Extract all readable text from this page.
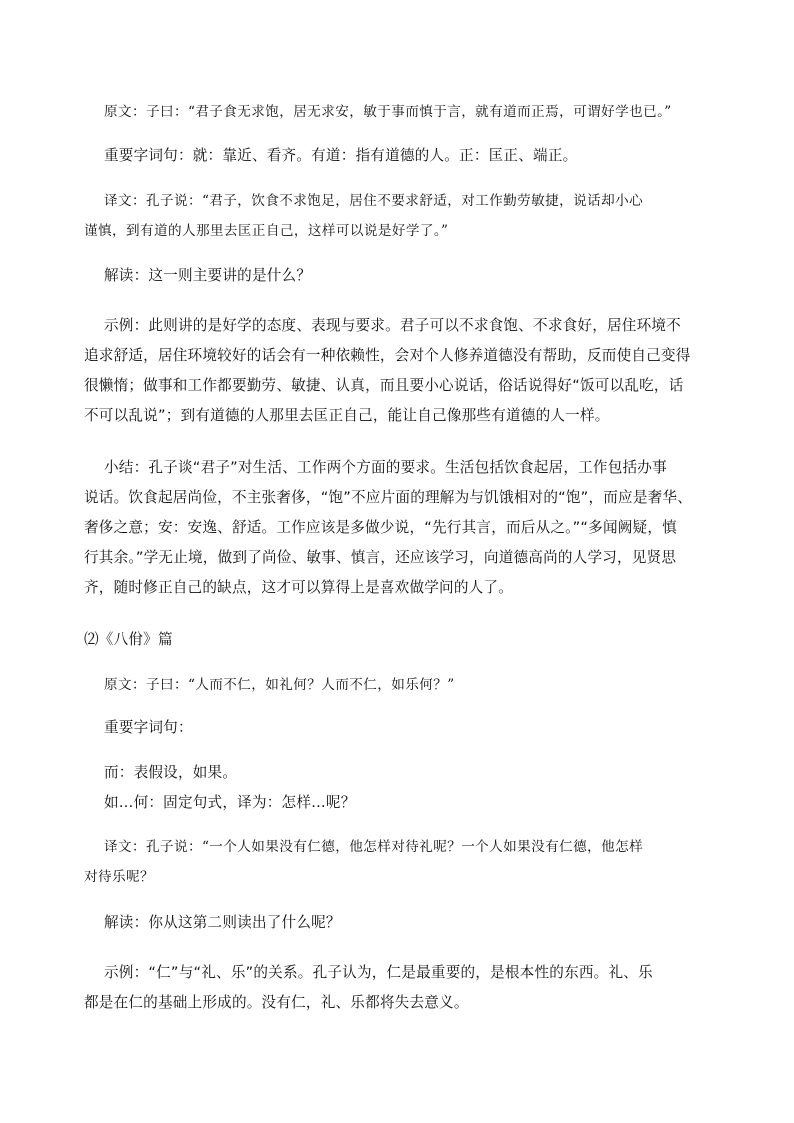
原文：子曰：“君子食无求饱，居无求安，敏于事而慎于言，就有道而正焉，可谓好学也已。”
重要字词句：就：靠近、看齐。有道：指有道德的人。正：匡正、端正。
译文：孔子说：“君子，饮食不求饱足，居住不要求舒适，对工作勤劳敏捷，说话却小心
谨慎，到有道的人那里去匡正自己，这样可以说是好学了。”
解读：这一则主要讲的是什么？
示例：此则讲的是好学的态度、表现与要求。君子可以不求食饱、不求食好，居住环境不
追求舒适，居住环境较好的话会有一种依赖性，会对个人修养道德没有帮助，反而使自己变得
很懒惰；做事和工作都要勤劳、敏捷、认真，而且要小心说话，俗话说得好“饭可以乱吃，话
不可以乱说”；到有道德的人那里去匡正自己，能让自己像那些有道德的人一样。
小结：孔子谈“君子”对生活、工作两个方面的要求。生活包括饮食起居，工作包括办事
说话。饮食起居尚俭，不主张奢侈，“饱”不应片面的理解为与饥饿相对的“饱”，而应是奢华、
奢侈之意；安：安逸、舒适。工作应该是多做少说，“先行其言，而后从之。”“多闻阙疑，慎
行其余。”学无止境，做到了尚俭、敏事、慎言，还应该学习，向道德高尚的人学习，见贤思
齐，随时修正自己的缺点，这才可以算得上是喜欢做学问的人了。
⑵《八佾》篇
原文：子曰：“人而不仁，如礼何？人而不仁，如乐何？”
重要字词句：
而：表假设，如果。
如…何：固定句式，译为：怎样…呢？
译文：孔子说：“一个人如果没有仁德，他怎样对待礼呢？一个人如果没有仁德，他怎样
对待乐呢？
解读：你从这第二则读出了什么呢？
示例：“仁”与“礼、乐”的关系。孔子认为，仁是最重要的，是根本性的东西。礼、乐
都是在仁的基础上形成的。没有仁，礼、乐都将失去意义。
